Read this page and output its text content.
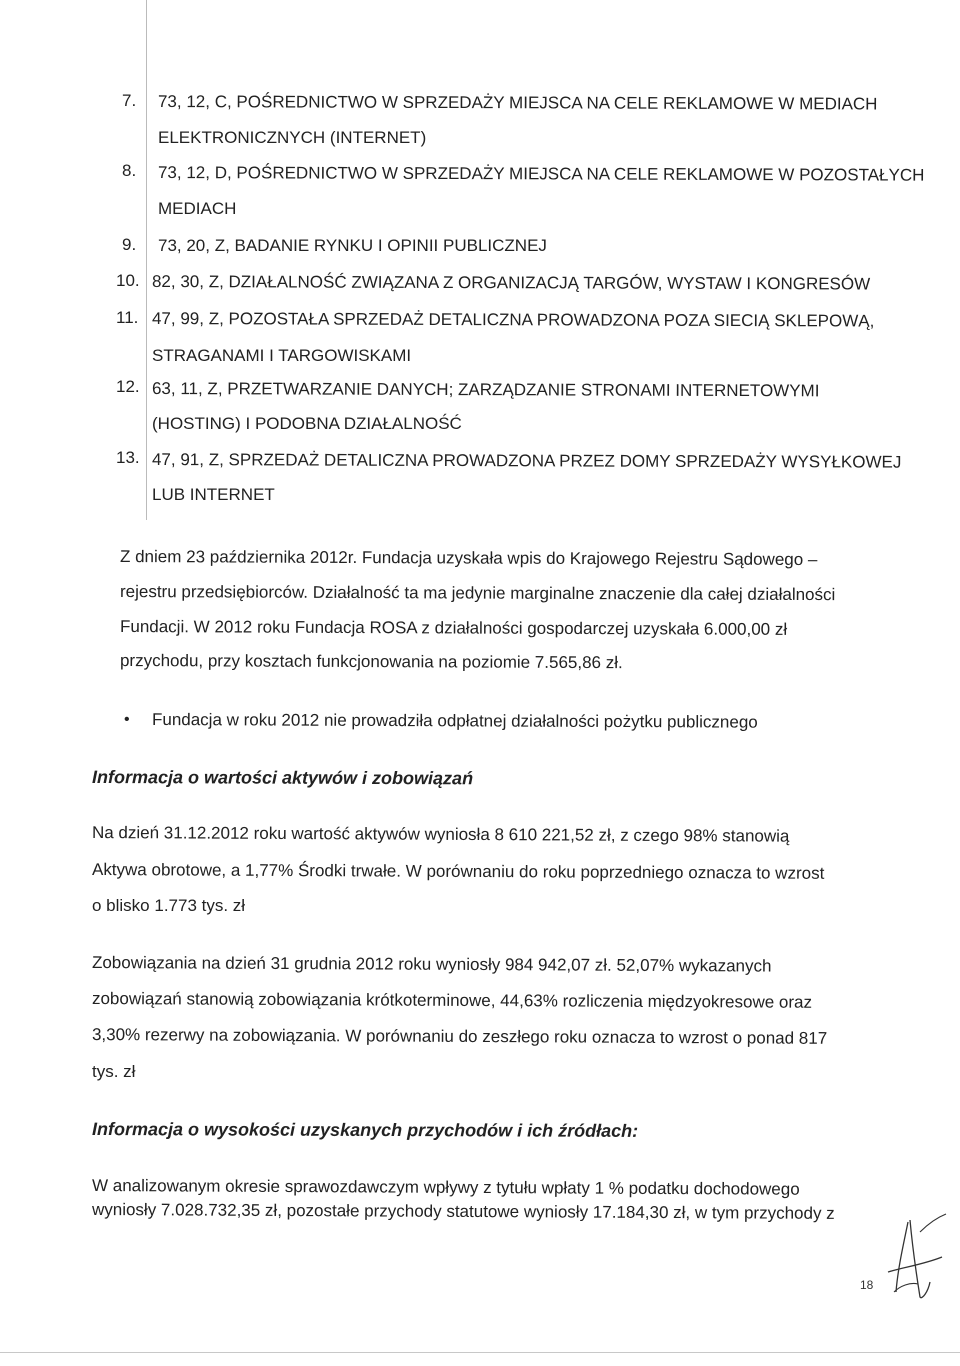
7. 73, 12, C, POŚREDNICTWO W SPRZEDAŻY MIEJSCA NA CELE REKLAMOWE W MEDIACH
ELEKTRONICZNYCH (INTERNET)
8. 73, 12, D, POŚREDNICTWO W SPRZEDAŻY MIEJSCA NA CELE REKLAMOWE W POZOSTAŁYCH
MEDIACH
9. 73, 20, Z, BADANIE RYNKU I OPINII PUBLICZNEJ
10. 82, 30, Z, DZIAŁALNOŚĆ ZWIĄZANA Z ORGANIZACJĄ TARGÓW, WYSTAW I KONGRESÓW
11. 47, 99, Z, POZOSTAŁA SPRZEDAŻ DETALICZNA PROWADZONA POZA SIECIĄ SKLEPOWĄ,
STRAGANAMI I TARGOWISKAMI
12. 63, 11, Z, PRZETWARZANIE DANYCH; ZARZĄDZANIE STRONAMI INTERNETOWYMI
(HOSTING) I PODOBNA DZIAŁALNOŚĆ
13. 47, 91, Z, SPRZEDAŻ DETALICZNA PROWADZONA PRZEZ DOMY SPRZEDAŻY WYSYŁKOWEJ
LUB INTERNET
Z dniem 23 października 2012r. Fundacja uzyskała wpis do Krajowego Rejestru Sądowego –
rejestru przedsiębiorców. Działalność ta ma jedynie marginalne znaczenie dla całej działalności
Fundacji. W 2012 roku Fundacja ROSA z działalności gospodarczej uzyskała 6.000,00 zł
przychodu, przy kosztach funkcjonowania na poziomie 7.565,86 zł.
• Fundacja w roku 2012 nie prowadziła odpłatnej działalności pożytku publicznego
Informacja o wartości aktywów i zobowiązań
Na dzień 31.12.2012 roku wartość aktywów wyniosła 8 610 221,52 zł, z czego 98% stanowią
Aktywa obrotowe, a 1,77% Środki trwałe. W porównaniu do roku poprzedniego oznacza to wzrost
o blisko 1.773 tys. zł
Zobowiązania na dzień 31 grudnia 2012 roku wyniosły 984 942,07 zł. 52,07% wykazanych
zobowiązań stanowią zobowiązania krótkoterminowe, 44,63% rozliczenia międzyokresowe oraz
3,30% rezerwy na zobowiązania. W porównaniu do zeszłego roku oznacza to wzrost o ponad 817
tys. zł
Informacja o wysokości uzyskanych przychodów i ich źródłach:
W analizowanym okresie sprawozdawczym wpływy z tytułu wpłaty 1 % podatku dochodowego
wyniosły 7.028.732,35 zł, pozostałe przychody statutowe wyniosły 17.184,30 zł, w tym przychody z
18
